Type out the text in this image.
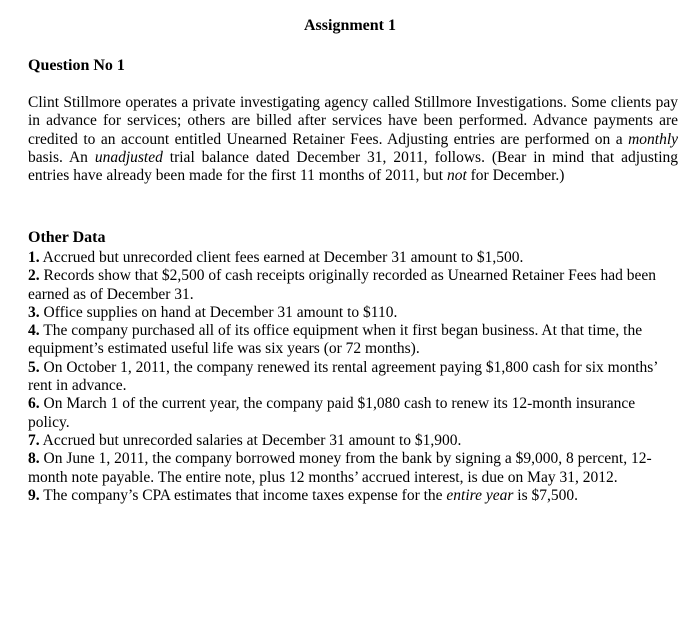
Assignment 1
Question No 1
Clint Stillmore operates a private investigating agency called Stillmore Investigations. Some clients pay in advance for services; others are billed after services have been performed. Advance payments are credited to an account entitled Unearned Retainer Fees. Adjusting entries are performed on a monthly basis. An unadjusted trial balance dated December 31, 2011, follows. (Bear in mind that adjusting entries have already been made for the first 11 months of 2011, but not for December.)
Other Data
1. Accrued but unrecorded client fees earned at December 31 amount to $1,500.
2. Records show that $2,500 of cash receipts originally recorded as Unearned Retainer Fees had been earned as of December 31.
3. Office supplies on hand at December 31 amount to $110.
4. The company purchased all of its office equipment when it first began business. At that time, the equipment’s estimated useful life was six years (or 72 months).
5. On October 1, 2011, the company renewed its rental agreement paying $1,800 cash for six months’ rent in advance.
6. On March 1 of the current year, the company paid $1,080 cash to renew its 12-month insurance policy.
7. Accrued but unrecorded salaries at December 31 amount to $1,900.
8. On June 1, 2011, the company borrowed money from the bank by signing a $9,000, 8 percent, 12-month note payable. The entire note, plus 12 months’ accrued interest, is due on May 31, 2012.
9. The company’s CPA estimates that income taxes expense for the entire year is $7,500.
